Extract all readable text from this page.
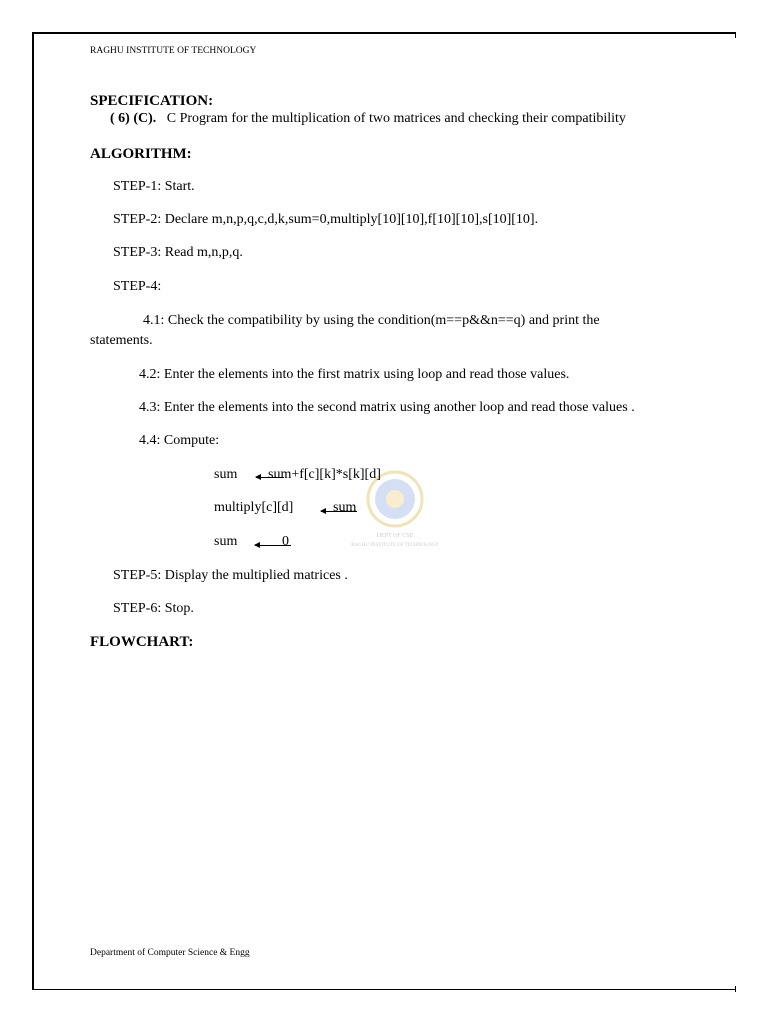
RAGHU INSTITUTE OF TECHNOLOGY
SPECIFICATION:
( 6) (C). C Program for the multiplication of two matrices and checking their compatibility
ALGORITHM:
STEP-1: Start.
STEP-2: Declare m,n,p,q,c,d,k,sum=0,multiply[10][10],f[10][10],s[10][10].
STEP-3: Read m,n,p,q.
STEP-4:
4.1: Check the compatibility by using the condition(m==p&&n==q) and print the
statements.
4.2: Enter the elements into the first matrix using loop and read those values.
4.3: Enter the elements into the second matrix using another loop and read those values .
4.4: Compute:
DEPT OF CSE
RAGHU INSTITUTE OF TECHNOLOGY
sum sum+f[c][k]*s[k][d]
multiply[c][d]	sum
sum	0
STEP-5: Display the multiplied matrices .
STEP-6: Stop.
FLOWCHART:
Department of Computer Science & Engg
